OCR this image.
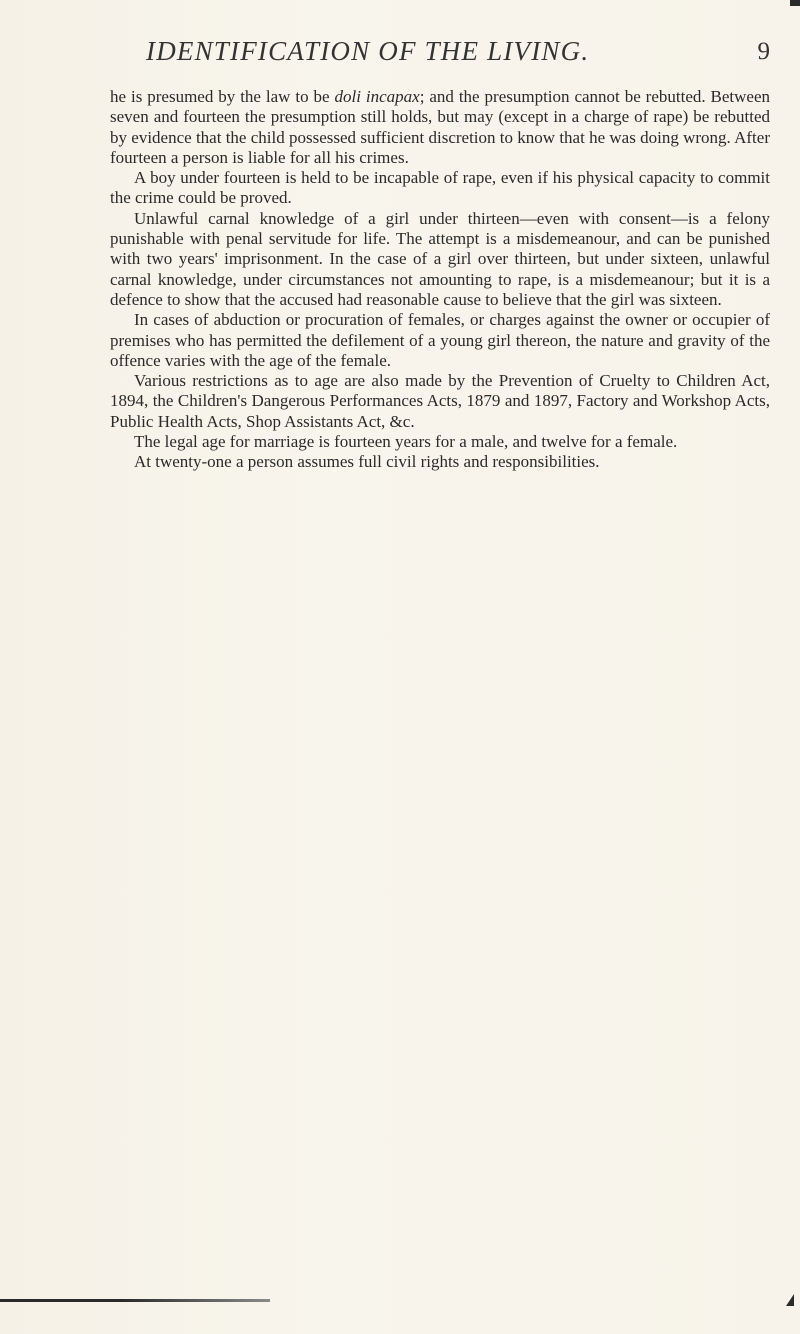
IDENTIFICATION OF THE LIVING.	9

he is presumed by the law to be doli incapax; and the presumption cannot be rebutted. Between seven and fourteen the presumption still holds, but may (except in a charge of rape) be rebutted by evidence that the child possessed sufficient discretion to know that he was doing wrong. After fourteen a person is liable for all his crimes.

A boy under fourteen is held to be incapable of rape, even if his physical capacity to commit the crime could be proved.

Unlawful carnal knowledge of a girl under thirteen—even with consent—is a felony punishable with penal servitude for life. The attempt is a misdemeanour, and can be punished with two years' imprisonment. In the case of a girl over thirteen, but under sixteen, unlawful carnal knowledge, under circumstances not amounting to rape, is a misdemeanour; but it is a defence to show that the accused had reasonable cause to believe that the girl was sixteen.

In cases of abduction or procuration of females, or charges against the owner or occupier of premises who has permitted the defilement of a young girl thereon, the nature and gravity of the offence varies with the age of the female.

Various restrictions as to age are also made by the Prevention of Cruelty to Children Act, 1894, the Children's Dangerous Performances Acts, 1879 and 1897, Factory and Workshop Acts, Public Health Acts, Shop Assistants Act, &c.

The legal age for marriage is fourteen years for a male, and twelve for a female.

At twenty-one a person assumes full civil rights and responsibilities.
